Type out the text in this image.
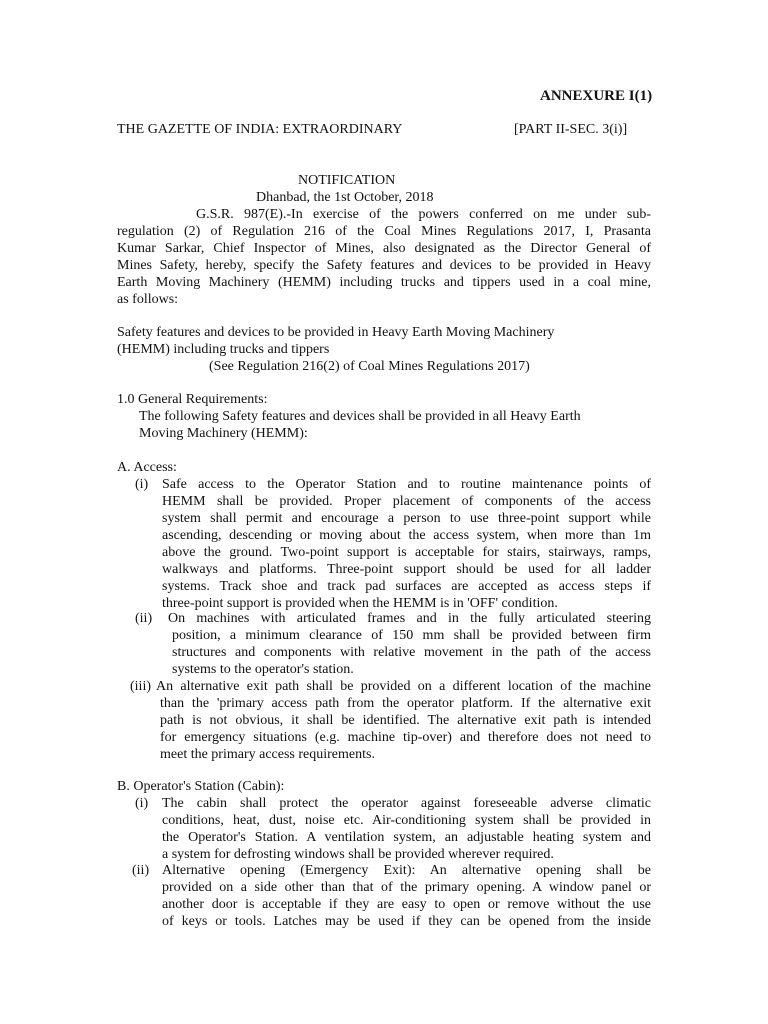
ANNEXURE I(1)
THE GAZETTE OF INDIA: EXTRAORDINARY	[PART II-SEC. 3(i)]
NOTIFICATION
Dhanbad, the 1st October, 2018
G.S.R. 987(E).-In exercise of the powers conferred on me under sub-
regulation (2) of Regulation 216 of the Coal Mines Regulations 2017, I, Prasanta
Kumar Sarkar, Chief Inspector of Mines, also designated as the Director General of
Mines Safety, hereby, specify the Safety features and devices to be provided in Heavy
Earth Moving Machinery (HEMM) including trucks and tippers used in a coal mine,
as follows:
Safety features and devices to be provided in Heavy Earth Moving Machinery
(HEMM) including trucks and tippers
(See Regulation 216(2) of Coal Mines Regulations 2017)
1.0 General Requirements:
The following Safety features and devices shall be provided in all Heavy Earth
Moving Machinery (HEMM):
A. Access:
(i) Safe access to the Operator Station and to routine maintenance points of
HEMM shall be provided. Proper placement of components of the access
system shall permit and encourage a person to use three-point support while
ascending, descending or moving about the access system, when more than 1m
above the ground. Two-point support is acceptable for stairs, stairways, ramps,
walkways and platforms. Three-point support should be used for all ladder
systems. Track shoe and track pad surfaces are accepted as access steps if
three-point support is provided when the HEMM is in 'OFF' condition.
(ii) On machines with articulated frames and in the fully articulated steering
position, a minimum clearance of 150 mm shall be provided between firm
structures and components with relative movement in the path of the access
systems to the operator's station.
(iii) An alternative exit path shall be provided on a different location of the machine
than the 'primary access path from the operator platform. If the alternative exit
path is not obvious, it shall be identified. The alternative exit path is intended
for emergency situations (e.g. machine tip-over) and therefore does not need to
meet the primary access requirements.
B. Operator's Station (Cabin):
(i) The cabin shall protect the operator against foreseeable adverse climatic
conditions, heat, dust, noise etc. Air-conditioning system shall be provided in
the Operator's Station. A ventilation system, an adjustable heating system and
a system for defrosting windows shall be provided wherever required.
(ii) Alternative opening (Emergency Exit): An alternative opening shall be
provided on a side other than that of the primary opening. A window panel or
another door is acceptable if they are easy to open or remove without the use
of keys or tools. Latches may be used if they can be opened from the inside
